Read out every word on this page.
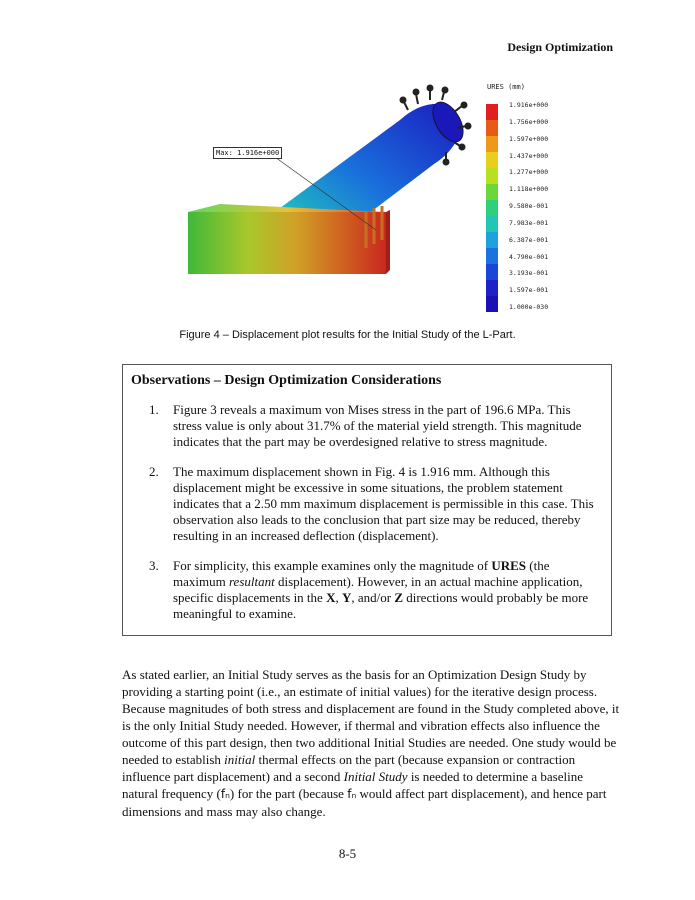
Design Optimization
Max: 1.916e+000
URES (mm)
Figure 4 – Displacement plot results for the Initial Study of the L-Part.
Observations – Design Optimization Considerations
1.	Figure 3 reveals a maximum von Mises stress in the part of 196.6 MPa. This stress value is only about 31.7% of the material yield strength. This magnitude indicates that the part may be overdesigned relative to stress magnitude.
2.	The maximum displacement shown in Fig. 4 is 1.916 mm. Although this displacement might be excessive in some situations, the problem statement indicates that a 2.50 mm maximum displacement is permissible in this case. This observation also leads to the conclusion that part size may be reduced, thereby resulting in an increased deflection (displacement).
3.	For simplicity, this example examines only the magnitude of URES (the maximum resultant displacement). However, in an actual machine application, specific displacements in the X, Y, and/or Z directions would probably be more meaningful to examine.
As stated earlier, an Initial Study serves as the basis for an Optimization Design Study by providing a starting point (i.e., an estimate of initial values) for the iterative design process. Because magnitudes of both stress and displacement are found in the Study completed above, it is the only Initial Study needed. However, if thermal and vibration effects also influence the outcome of this part design, then two additional Initial Studies are needed. One study would be needed to establish initial thermal effects on the part (because expansion or contraction influence part displacement) and a second Initial Study is needed to determine a baseline natural frequency (fₙ) for the part (because fₙ would affect part displacement), and hence part dimensions and mass may also change.
8-5
1.916e+000
1.756e+000
1.597e+000
1.437e+000
1.277e+000
1.118e+000
9.580e-001
7.983e-001
6.387e-001
4.790e-001
3.193e-001
1.597e-001
1.000e-030
